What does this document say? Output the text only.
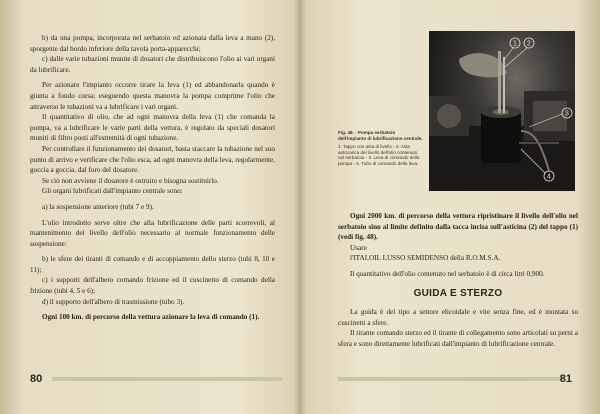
b) da una pompa, incorporata nel serbatoio ed azionata dalla leva a mano (2), sporgente dal bordo inferiore della tavola porta-apparecchi;

c) dalle varie tubazioni munite di dosatori che distribuiscono l'olio ai vari organi da lubrificare.

Per azionare l'impianto occorre tirare la leva (1) ed abbandonarla quando è giunta a fondo corsa; eseguendo questa manovra la pompa comprime l'olio che attraverso le tubazioni va a lubrificare i vari organi.

Il quantitativo di olio, che ad ogni manovra della leva (1) che comanda la pompa, va a lubrificare le varie parti della vettura, è regolato da speciali dosatori muniti di filtro posti all'estremità di ogni tubazione.

Per controllare il funzionamento dei dosatori, basta staccare la tubazione nel suo punto di arrivo e verificare che l'olio esca, ad ogni manovra della leva, regolarmente, goccia a goccia, dal foro del dosatore.

Se ciò non avviene il dosatore è ostruito e bisogna sostituirlo.

Gli organi lubrificati dall'impianto centrale sono:

a) la sospensione anteriore (tubi 7 e 9).

L'olio introdotto serve oltre che alla lubrificazione delle parti scorrevoli, al mantenimento del livello dell'olio necessario al normale funzionamento delle sospensione:

b) le sfere dei tiranti di comando e di accoppiamento dello sterzo (tubi 8, 10 e 11);

c) i supporti dell'albero comando frizione ed il cuscinetto di comando della frizione (tubi 4, 5 e 6);

d) il supporto dell'albero di trasmissione (tubo 3).

Ogni 100 km. di percorso della vettura azionare la leva di comando (1).

80
1 2
3
4
Fig. 48. - Pompa serbatoio dell'impianto di lubrificazione centrale.
1. Tappo con asta di livello - 2. Asta autocarica del livello dell'olio contenuto nel serbatoio - 3. Leva di comando della pompa - 4. Tubo di comando della leva.

Ogni 2000 km. di percorso della vettura ripristinare il livello dell'olio nel serbatoio sino al limite definito dalla tacca incisa sull'asticina (2) del tappo (1) (vedi fig. 48).

Usare

l'ITALOIL LUSSO SEMIDENSO della R.O.M.S.A.

Il quantitativo dell'olio contenuto nel serbatoio è di circa litri 0,900.

GUIDA E STERZO

La guida è del tipo a settore elicoidale e vite senza fine, ed è montata su cuscinetti a sfere.

Il tirante comando sterzo ed il tirante di collegamento sono articolati su perni a sfera e sono direttamente lubrificati dall'impianto di lubrificazione centrale.

81
